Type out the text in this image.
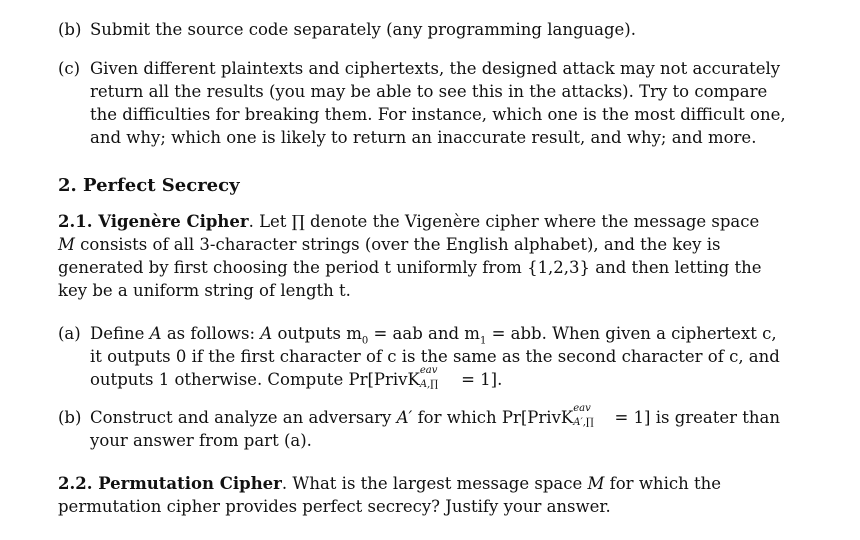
(b) Submit the source code separately (any programming language).
(c) Given different plaintexts and ciphertexts, the designed attack may not accurately return all the results (you may be able to see this in the attacks). Try to compare the difficulties for breaking them. For instance, which one is the most difficult one, and why; which one is likely to return an inaccurate result, and why; and more.
2. Perfect Secrecy
2.1. Vigenère Cipher. Let ∏ denote the Vigenère cipher where the message space M consists of all 3-character strings (over the English alphabet), and the key is generated by first choosing the period t uniformly from {1,2,3} and then letting the key be a uniform string of length t.
(a) Define A as follows: A outputs $m_0$ = aab and $m_1$ = abb. When given a ciphertext c, it outputs 0 if the first character of c is the same as the second character of c, and outputs 1 otherwise. Compute Pr[PrivK eav
A,∏ = 1].
(b) Construct and analyze an adversary A′ for which Pr[PrivK eav
A′,∏ = 1] is greater than your answer from part (a).
2.2. Permutation Cipher. What is the largest message space M for which the permutation cipher provides perfect secrecy? Justify your answer.
